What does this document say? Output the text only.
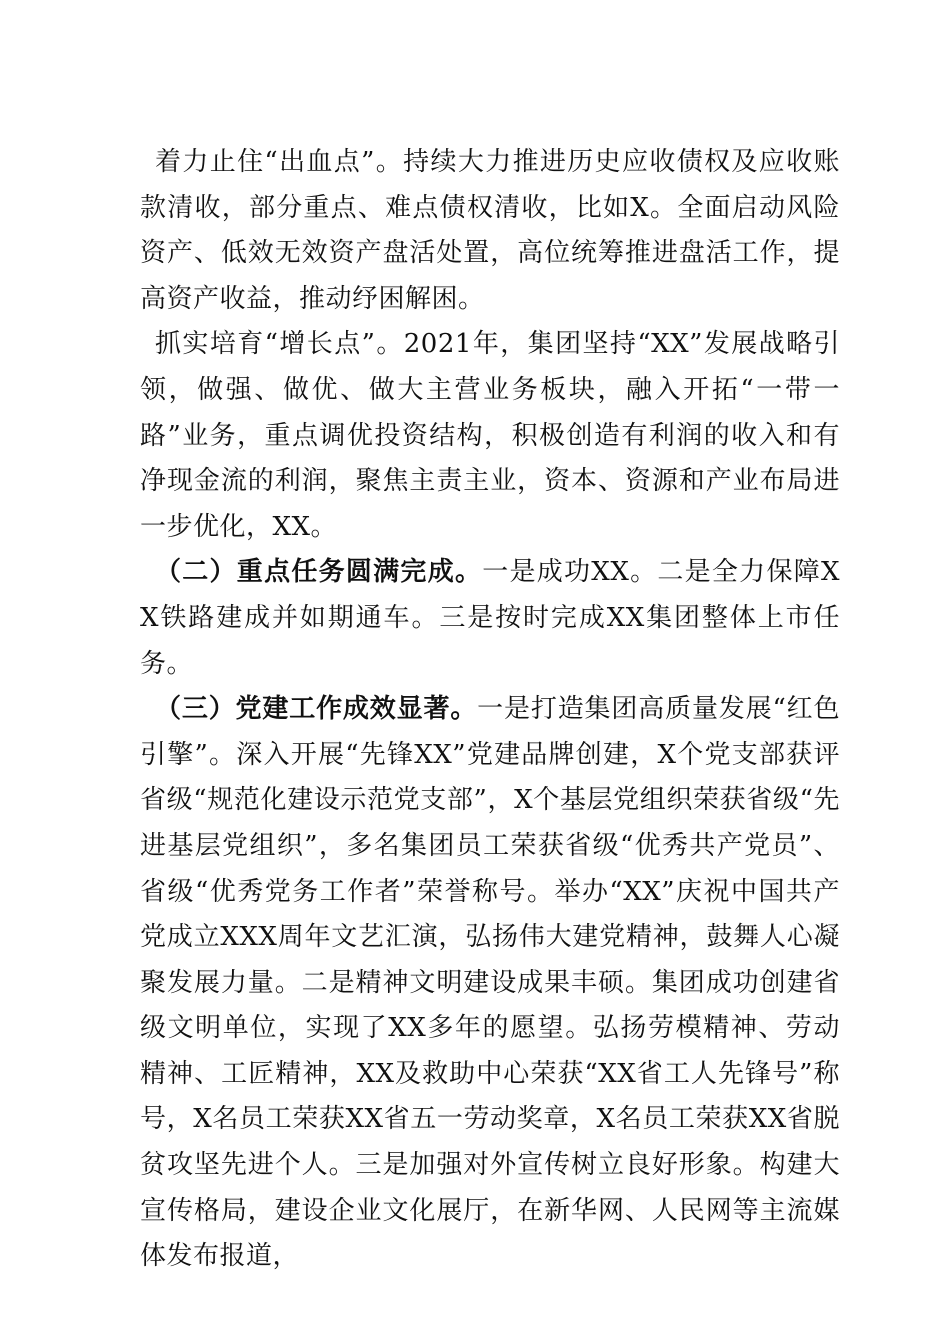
着力止住“出血点”。持续大力推进历史应收债权及应收账款清收，部分重点、难点债权清收，比如X。全面启动风险资产、低效无效资产盘活处置，高位统筹推进盘活工作，提高资产收益，推动纾困解困。

抓实培育“增长点”。2021年，集团坚持“XX”发展战略引领，做强、做优、做大主营业务板块，融入开拓“一带一路”业务，重点调优投资结构，积极创造有利润的收入和有净现金流的利润，聚焦主责主业，资本、资源和产业布局进一步优化，XX。

（二）重点任务圆满完成。一是成功XX。二是全力保障XX铁路建成并如期通车。三是按时完成XX集团整体上市任务。

（三）党建工作成效显著。一是打造集团高质量发展“红色引擎”。深入开展“先锋XX”党建品牌创建，X个党支部获评省级“规范化建设示范党支部”，X个基层党组织荣获省级“先进基层党组织”，多名集团员工荣获省级“优秀共产党员”、省级“优秀党务工作者”荣誉称号。举办“XX”庆祝中国共产党成立XXX周年文艺汇演，弘扬伟大建党精神，鼓舞人心凝聚发展力量。二是精神文明建设成果丰硕。集团成功创建省级文明单位，实现了XX多年的愿望。弘扬劳模精神、劳动精神、工匠精神，XX及救助中心荣获“XX省工人先锋号”称号，X名员工荣获XX省五一劳动奖章，X名员工荣获XX省脱贫攻坚先进个人。三是加强对外宣传树立良好形象。构建大宣传格局，建设企业文化展厅，在新华网、人民网等主流媒体发布报道，
